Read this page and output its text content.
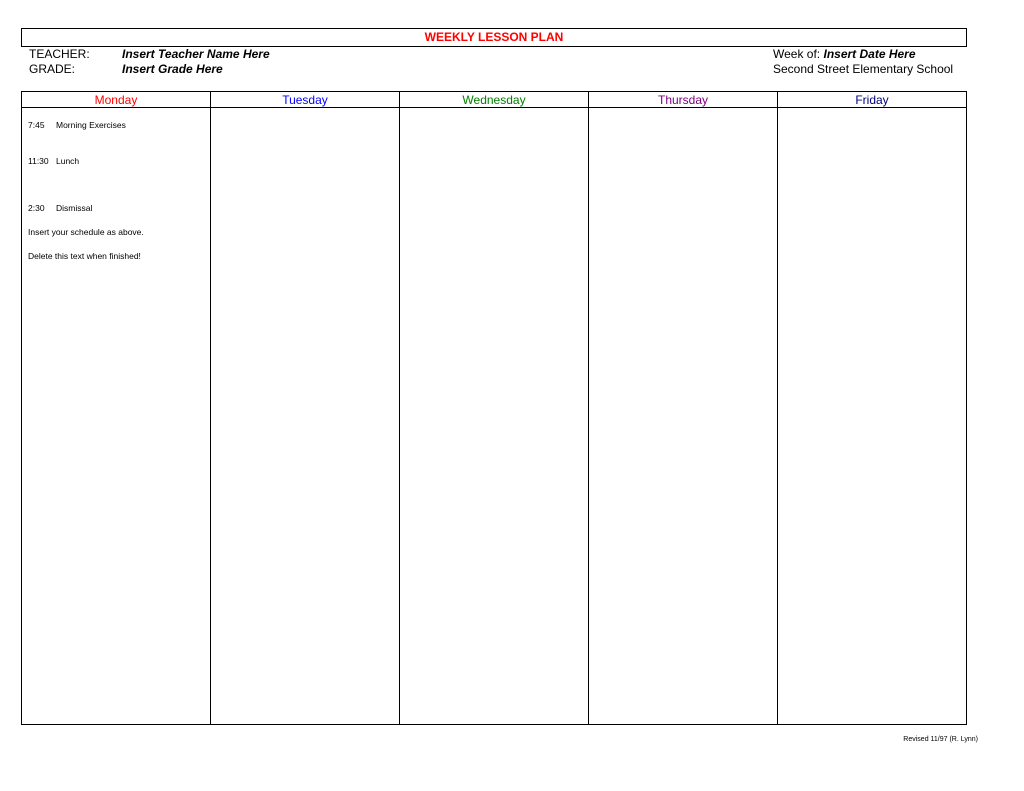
WEEKLY LESSON PLAN
TEACHER:	Insert Teacher Name Here
GRADE:	Insert Grade Here
Week of: Insert Date Here
Second Street Elementary School
Monday	Tuesday	Wednesday	Thursday	Friday

7:45 Morning Exercises
11:30 Lunch
2:30 Dismissal
Insert your schedule as above.
Delete this text when finished!				

Revised 11/97 (R. Lynn)
